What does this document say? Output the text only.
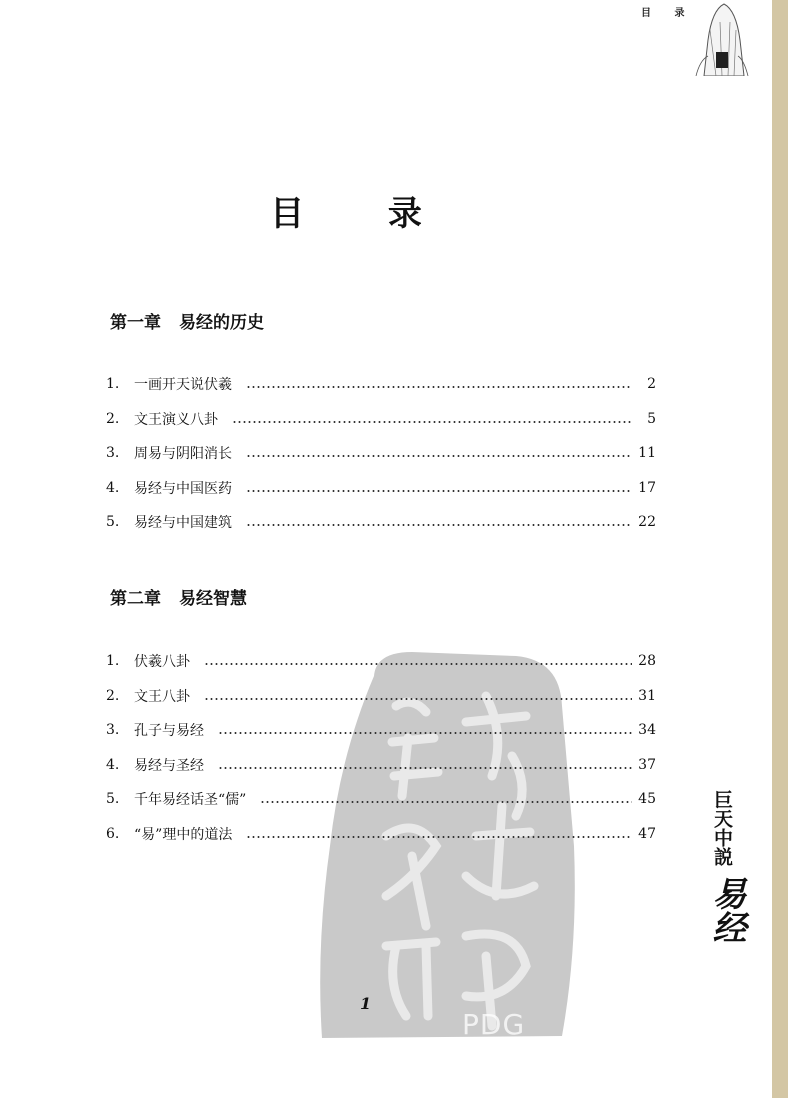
目 录
PDG
目 录
第一章 易经的历史
1.	一画开天说伏羲	2
2.	文王演义八卦	5
3.	周易与阴阳消长	11
4.	易经与中国医药	17
5.	易经与中国建筑	22
第二章 易经智慧
1.	伏羲八卦	28
2.	文王八卦	31
3.	孔子与易经	34
4.	易经与圣经	37
5.	千年易经话圣“儒”	45
6.	“易”理中的道法	47
1
巨天中説 易经
